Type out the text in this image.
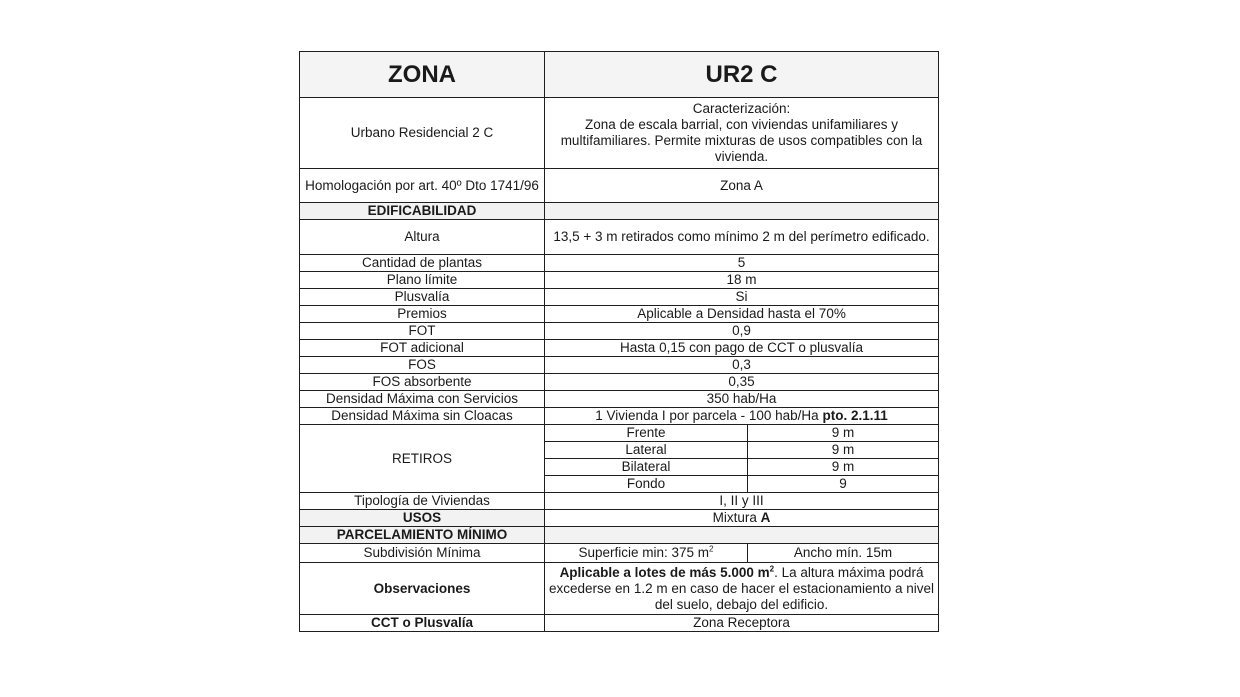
ZONA	UR2 C	
Urbano Residencial 2 C	Caracterización:
Zona de escala barrial, con viviendas unifamiliares y multifamiliares. Permite mixturas de usos compatibles con la vivienda.	

Homologación por art. 40º Dto 1741/96	Zona A	
EDIFICABILIDAD		
Altura	13,5 + 3 m retirados como mínimo 2 m del perímetro edificado.	
Cantidad de plantas	5	
Plano límite	18 m	
Plusvalía	Si	
Premios	Aplicable a Densidad hasta el 70%	
FOT	0,9	
FOT adicional	Hasta 0,15 con pago de CCT o plusvalía	
FOS	0,3	
FOS absorbente	0,35	
Densidad Máxima con Servicios	350 hab/Ha	
Densidad Máxima sin Cloacas	1 Vivienda I por parcela - 100 hab/Ha pto. 2.1.11	
RETIROS	Frente	9 m
	Lateral	9 m
	Bilateral	9 m
	Fondo	9
Tipología de Viviendas	I, II y III	
USOS	Mixtura A	
PARCELAMIENTO MÍNIMO		
Subdivisión Mínima	Superficie min: 375 $m^2$	Ancho mín. 15m
Observaciones	Aplicable a lotes de más 5.000 $m^2$. La altura máxima podrá excederse en 1.2 m en caso de hacer el estacionamiento a nivel del suelo, debajo del edificio.	
CCT o Plusvalía	Zona Receptora	
